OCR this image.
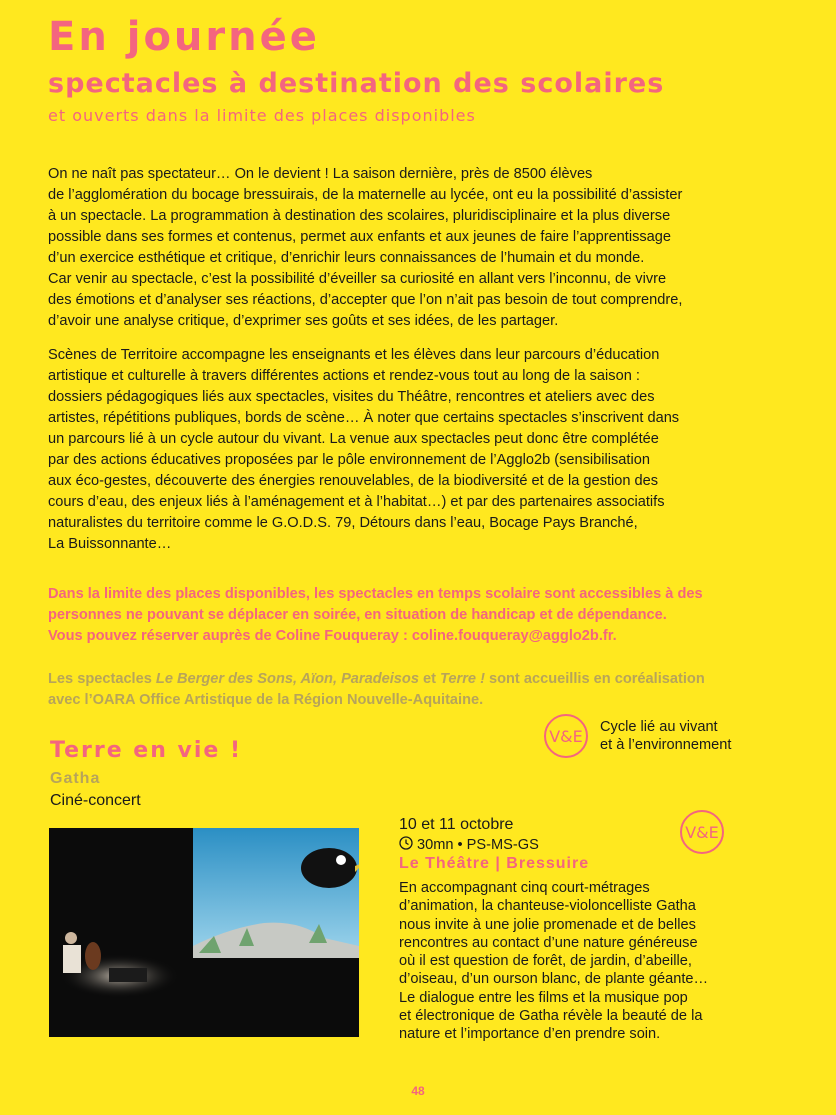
En journée
spectacles à destination des scolaires
et ouverts dans la limite des places disponibles

On ne naît pas spectateur… On le devient ! La saison dernière, près de 8500 élèves
de l’agglomération du bocage bressuirais, de la maternelle au lycée, ont eu la possibilité d’assister
à un spectacle. La programmation à destination des scolaires, pluridisciplinaire et la plus diverse
possible dans ses formes et contenus, permet aux enfants et aux jeunes de faire l’apprentissage
d’un exercice esthétique et critique, d’enrichir leurs connaissances de l’humain et du monde.
Car venir au spectacle, c’est la possibilité d’éveiller sa curiosité en allant vers l’inconnu, de vivre
des émotions et d’analyser ses réactions, d’accepter que l’on n’ait pas besoin de tout comprendre,
d’avoir une analyse critique, d’exprimer ses goûts et ses idées, de les partager.

Scènes de Territoire accompagne les enseignants et les élèves dans leur parcours d’éducation
artistique et culturelle à travers différentes actions et rendez-vous tout au long de la saison :
dossiers pédagogiques liés aux spectacles, visites du Théâtre, rencontres et ateliers avec des
artistes, répétitions publiques, bords de scène… À noter que certains spectacles s’inscrivent dans
un parcours lié à un cycle autour du vivant. La venue aux spectacles peut donc être complétée
par des actions éducatives proposées par le pôle environnement de l’Agglo2b (sensibilisation
aux éco-gestes, découverte des énergies renouvelables, de la biodiversité et de la gestion des
cours d’eau, des enjeux liés à l’aménagement et à l’habitat…) et par des partenaires associatifs
naturalistes du territoire comme le G.O.D.S. 79, Détours dans l’eau, Bocage Pays Branché,
La Buissonnante…

Dans la limite des places disponibles, les spectacles en temps scolaire sont accessibles à des
personnes ne pouvant se déplacer en soirée, en situation de handicap et de dépendance.
Vous pouvez réserver auprès de Coline Fouqueray : coline.fouqueray@agglo2b.fr.

Les spectacles Le Berger des Sons, Aïon, Paradeisos et Terre ! sont accueillis en coréalisation
avec l’OARA Office Artistique de la Région Nouvelle-Aquitaine.

V&E	Cycle lié au vivant
et à l’environnement
Terre en vie !
Gatha
Ciné-concert
10 et 11 octobre
30mn • PS-MS-GS
Le Théâtre | Bressuire
V&E

En accompagnant cinq court-métrages
d’animation, la chanteuse-violoncelliste Gatha
nous invite à une jolie promenade et de belles
rencontres au contact d’une nature généreuse
où il est question de forêt, de jardin, d’abeille,
d’oiseau, d’un ourson blanc, de plante géante…
Le dialogue entre les films et la musique pop
et électronique de Gatha révèle la beauté de la
nature et l’importance d’en prendre soin.

48
